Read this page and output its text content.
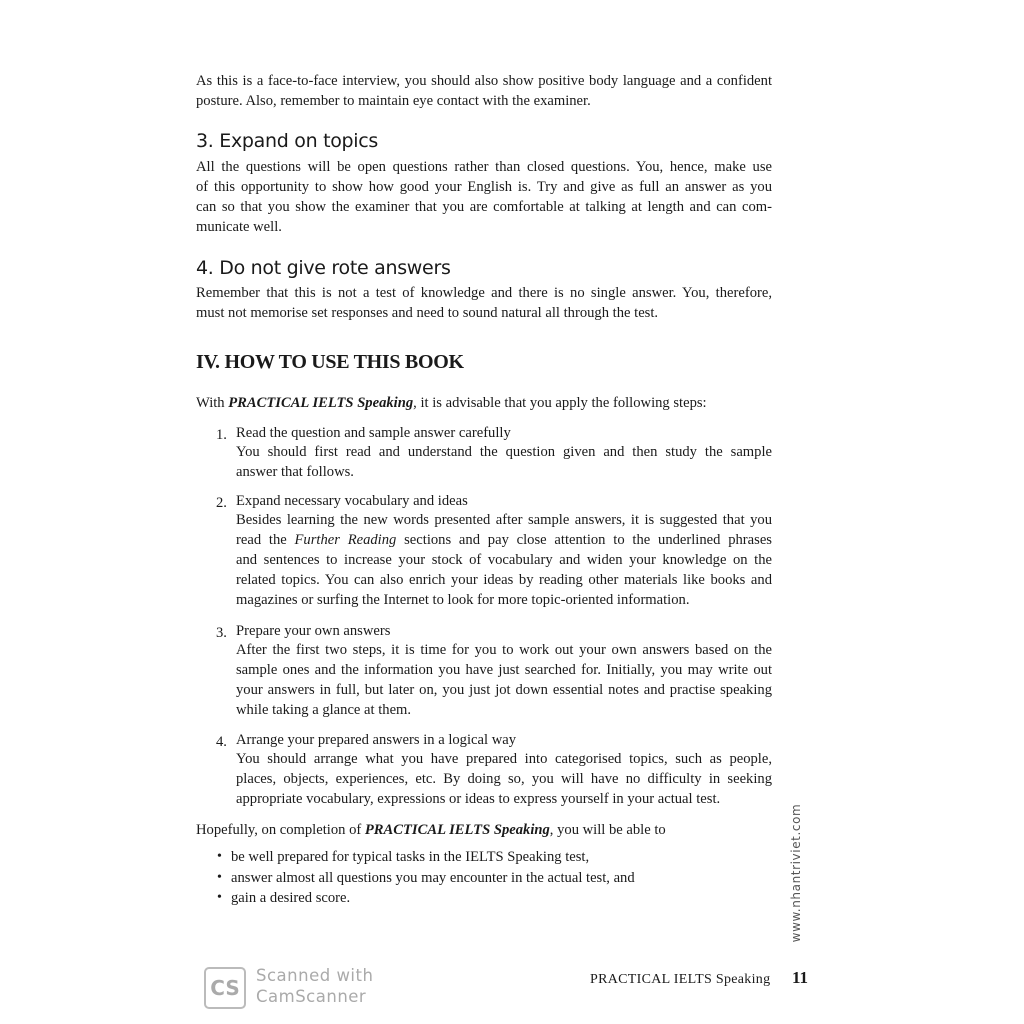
As this is a face-to-face interview, you should also show positive body language and a confident
posture. Also, remember to maintain eye contact with the examiner.
3. Expand on topics
All the questions will be open questions rather than closed questions. You, hence, make use
of this opportunity to show how good your English is. Try and give as full an answer as you
can so that you show the examiner that you are comfortable at talking at length and can com-
municate well.
4. Do not give rote answers
Remember that this is not a test of knowledge and there is no single answer. You, therefore,
must not memorise set responses and need to sound natural all through the test.
IV. HOW TO USE THIS BOOK
With PRACTICAL IELTS Speaking, it is advisable that you apply the following steps:
1. Read the question and sample answer carefully
You should first read and understand the question given and then study the sample
answer that follows.
2. Expand necessary vocabulary and ideas
Besides learning the new words presented after sample answers, it is suggested that you
read the Further Reading sections and pay close attention to the underlined phrases
and sentences to increase your stock of vocabulary and widen your knowledge on the
related topics. You can also enrich your ideas by reading other materials like books and
magazines or surfing the Internet to look for more topic-oriented information.
3. Prepare your own answers
After the first two steps, it is time for you to work out your own answers based on the
sample ones and the information you have just searched for. Initially, you may write out
your answers in full, but later on, you just jot down essential notes and practise speaking
while taking a glance at them.
4. Arrange your prepared answers in a logical way
You should arrange what you have prepared into categorised topics, such as people,
places, objects, experiences, etc. By doing so, you will have no difficulty in seeking
appropriate vocabulary, expressions or ideas to express yourself in your actual test.
Hopefully, on completion of PRACTICAL IELTS Speaking, you will be able to
• be well prepared for typical tasks in the IELTS Speaking test,
• answer almost all questions you may encounter in the actual test, and
• gain a desired score.
CS
Scanned with
CamScanner
PRACTICAL IELTS Speaking 11
www.nhantriviet.com
